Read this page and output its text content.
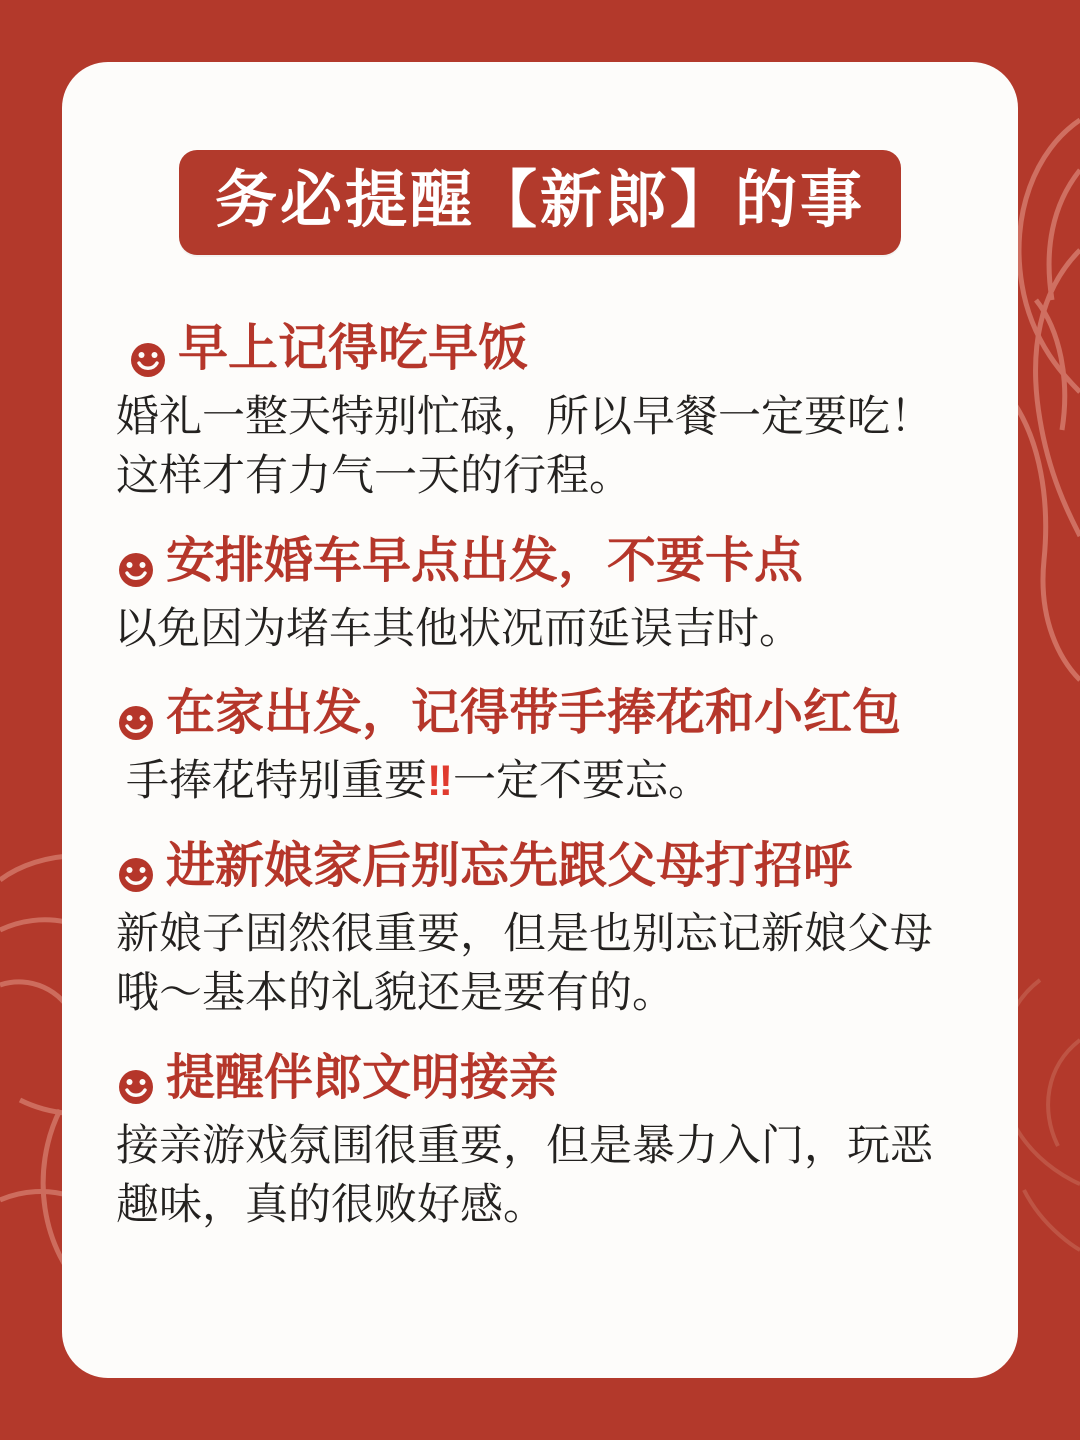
务必提醒【新郎】的事
早上记得吃早饭
婚礼一整天特别忙碌，所以早餐一定要吃！这样才有力气一天的行程。
安排婚车早点出发，不要卡点
以免因为堵车其他状况而延误吉时。
在家出发，记得带手捧花和小红包
手捧花特别重要‼一定不要忘。
进新娘家后别忘先跟父母打招呼
新娘子固然很重要，但是也别忘记新娘父母哦〜基本的礼貌还是要有的。
提醒伴郎文明接亲
接亲游戏氛围很重要，但是暴力入门，玩恶趣味，真的很败好感。
